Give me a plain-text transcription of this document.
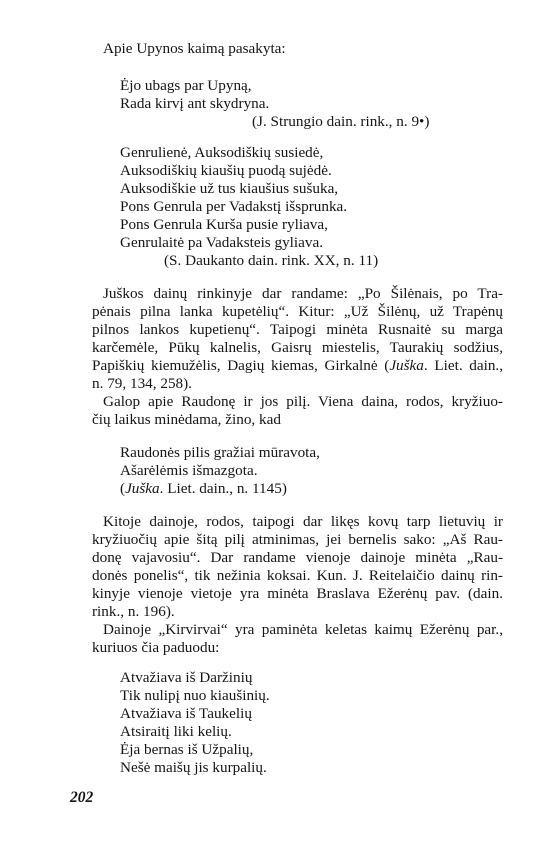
Apie Upynos kaimą pasakyta:
Ėjo ubags par Upyną,
Rada kirvį ant skydryna.
(J. Strungio dain. rink., n. 9•)
Genrulienė, Auksodiškių susiedė,
Auksodiškių kiaušių puodą sujėdė.
Auksodiškie už tus kiaušius sušuka,
Pons Genrula per Vadakstį išsprunka.
Pons Genrula Kurša pusie ryliava,
Genrulaitė pa Vadaksteis gyliava.
(S. Daukanto dain. rink. XX, n. 11)
Juškos dainų rinkinyje dar randame: „Po Šilėnais, po Tra-
pėnais pilna lanka kupetėlių“. Kitur: „Už Šilėnų, už Trapėnų
pilnos lankos kupetienų“. Taipogi minėta Rusnaitė su marga
karčemėle, Pūkų kalnelis, Gaisrų miestelis, Taurakių sodžius,
Papiškių kiemužėlis, Dagių kiemas, Girkalnė (Juška. Liet. dain.,
n. 79, 134, 258).
Galop apie Raudonę ir jos pilį. Viena daina, rodos, kryžiuo-
čių laikus minėdama, žino, kad
Raudonės pilis gražiai mūravota,
Ašarėlėmis išmazgota.
(Juška. Liet. dain., n. 1145)
Kitoje dainoje, rodos, taipogi dar likęs kovų tarp lietuvių ir
kryžiuočių apie šitą pilį atminimas, jei bernelis sako: „Aš Rau-
donę vajavosiu“. Dar randame vienoje dainoje minėta „Rau-
donės ponelis“, tik nežinia koksai. Kun. J. Reitelaičio dainų rin-
kinyje vienoje vietoje yra minėta Braslava Ežerėnų pav. (dain.
rink., n. 196).
Dainoje „Kirvirvai“ yra paminėta keletas kaimų Ežerėnų par.,
kuriuos čia paduodu:
Atvažiava iš Daržinių
Tik nulipį nuo kiaušinių.
Atvažiava iš Taukelių
Atsiraitį liki kelių.
Ėja bernas iš Užpalių,
Nešė maišų jis kurpalių.
202
